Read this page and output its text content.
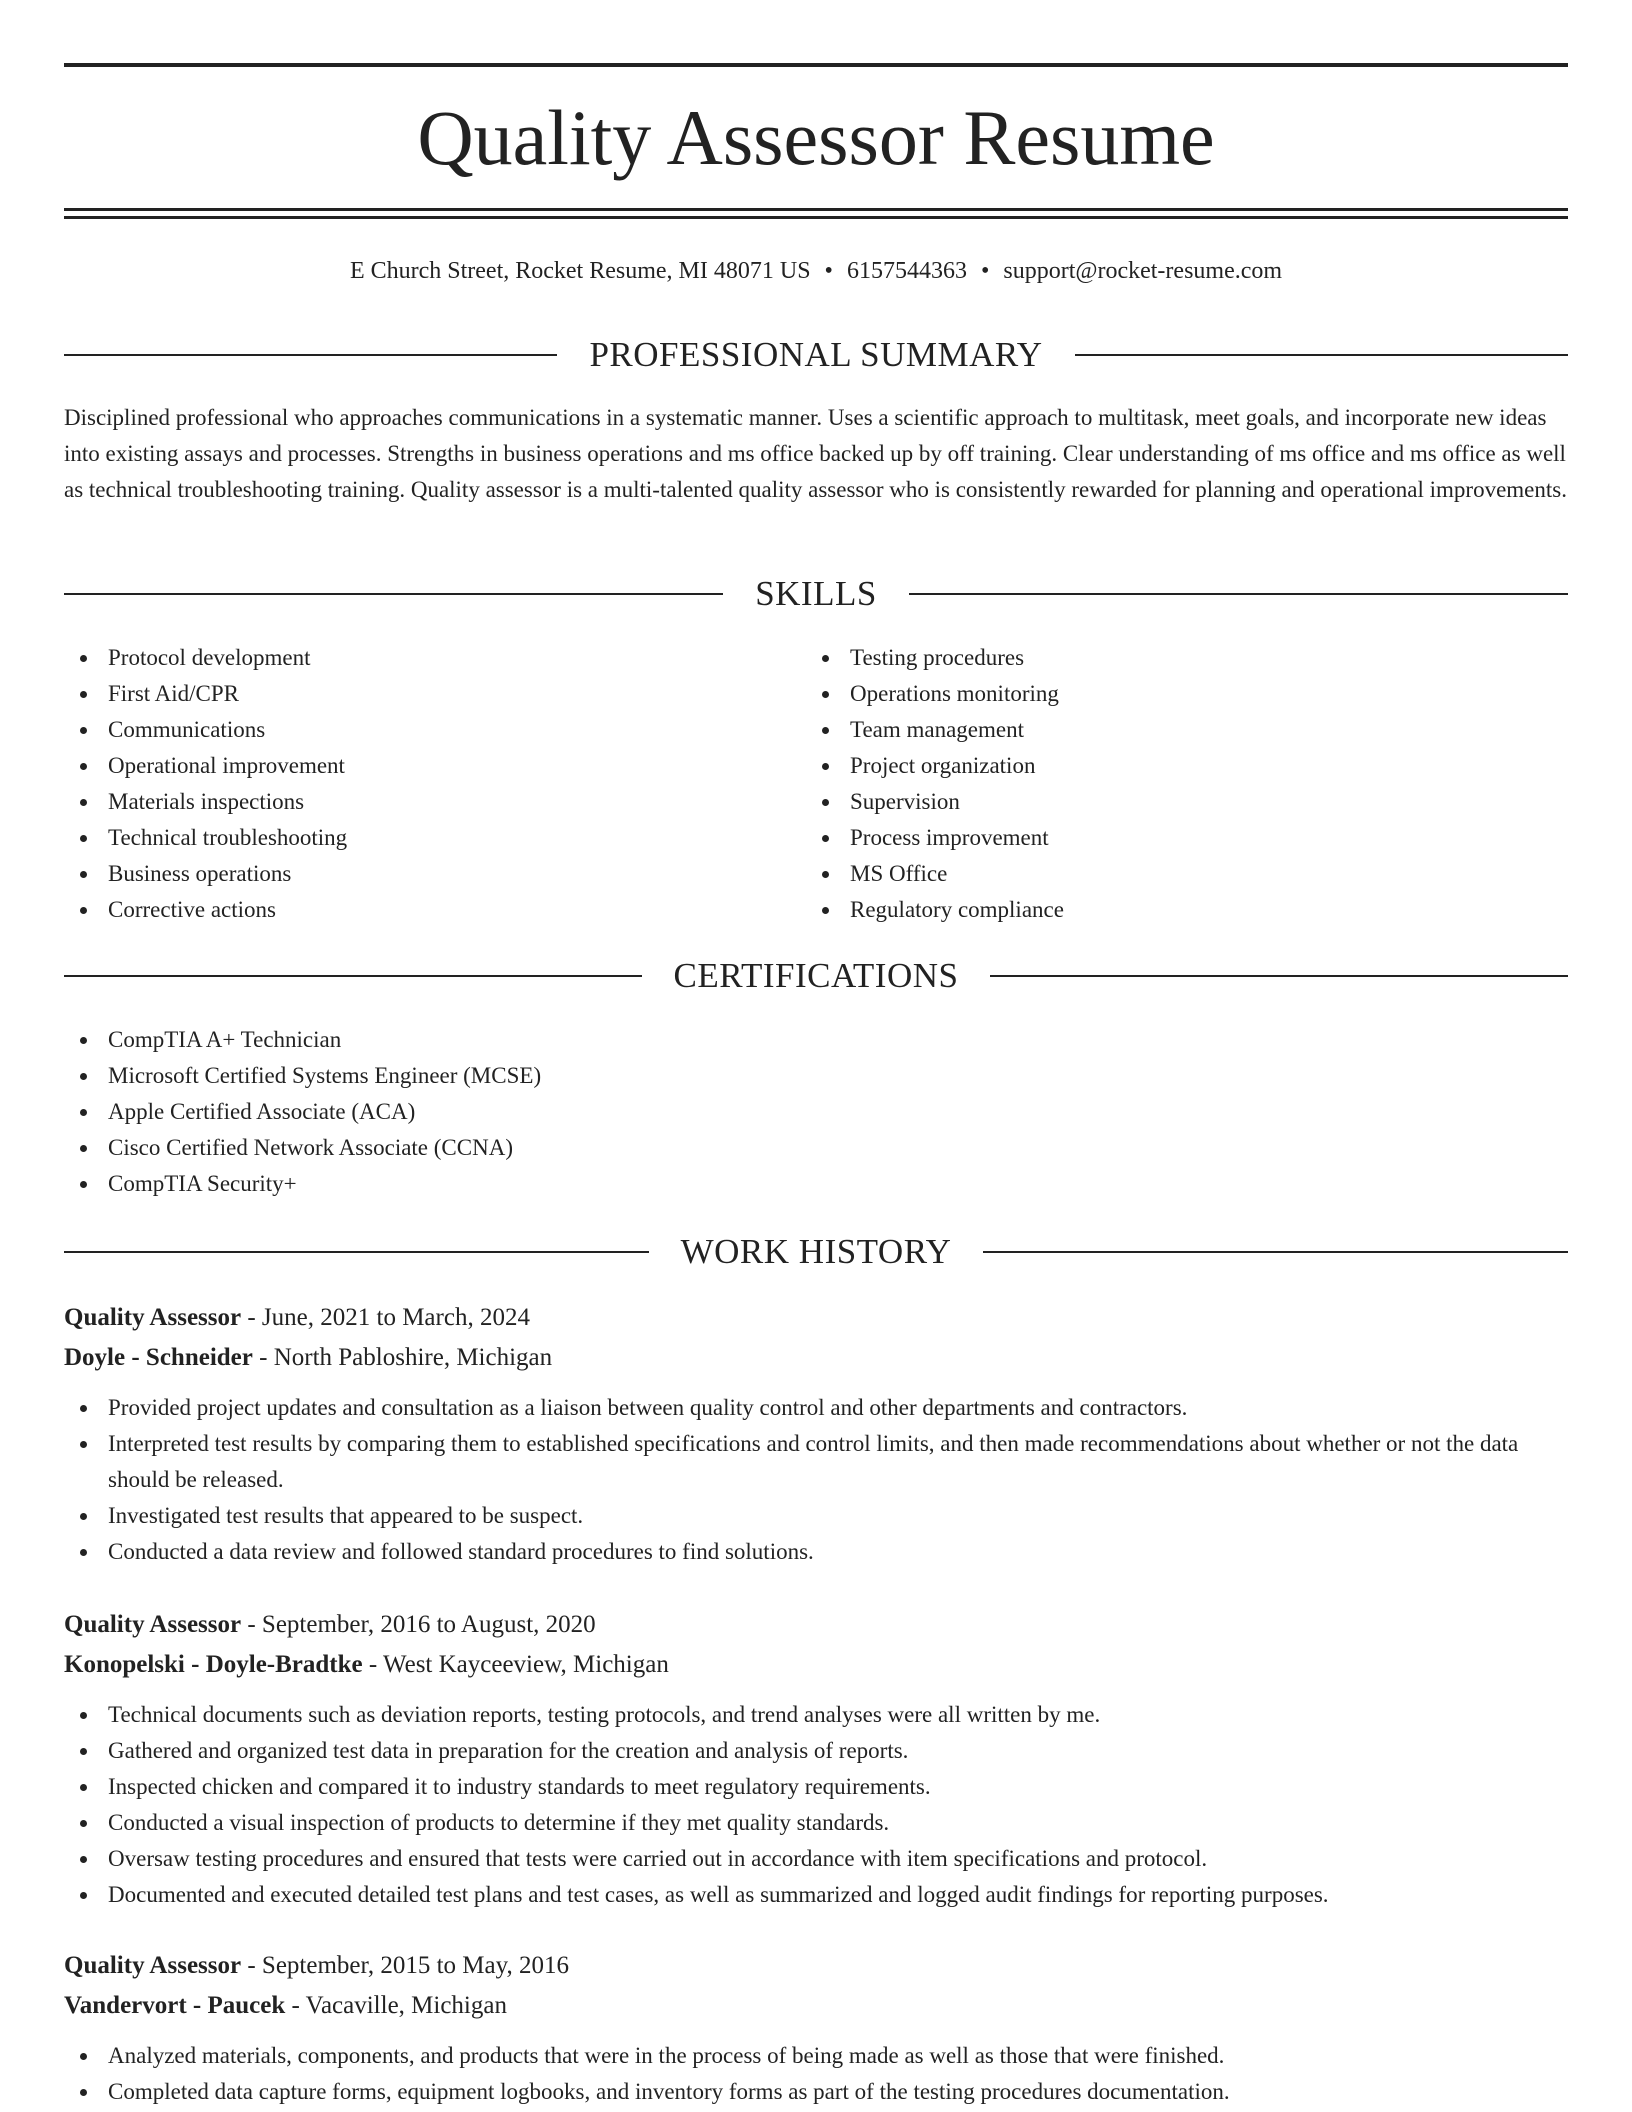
Quality Assessor Resume
E Church Street, Rocket Resume, MI 48071 US • 6157544363 • support@rocket-resume.com
PROFESSIONAL SUMMARY

Disciplined professional who approaches communications in a systematic manner. Uses a scientific approach to multitask, meet goals, and incorporate new ideas into existing assays and processes. Strengths in business operations and ms office backed up by off training. Clear understanding of ms office and ms office as well as technical troubleshooting training. Quality assessor is a multi-talented quality assessor who is consistently rewarded for planning and operational improvements.

SKILLS
Protocol development
First Aid/CPR
Communications
Operational improvement
Materials inspections
Technical troubleshooting
Business operations
Corrective actions
Testing procedures
Operations monitoring
Team management
Project organization
Supervision
Process improvement
MS Office
Regulatory compliance
CERTIFICATIONS
CompTIA A+ Technician
Microsoft Certified Systems Engineer (MCSE)
Apple Certified Associate (ACA)
Cisco Certified Network Associate (CCNA)
CompTIA Security+
WORK HISTORY
Quality Assessor - June, 2021 to March, 2024
Doyle - Schneider - North Pabloshire, Michigan
Provided project updates and consultation as a liaison between quality control and other departments and contractors.
Interpreted test results by comparing them to established specifications and control limits, and then made recommendations about whether or not the data should be released.
Investigated test results that appeared to be suspect.
Conducted a data review and followed standard procedures to find solutions.
Quality Assessor - September, 2016 to August, 2020
Konopelski - Doyle-Bradtke - West Kayceeview, Michigan
Technical documents such as deviation reports, testing protocols, and trend analyses were all written by me.
Gathered and organized test data in preparation for the creation and analysis of reports.
Inspected chicken and compared it to industry standards to meet regulatory requirements.
Conducted a visual inspection of products to determine if they met quality standards.
Oversaw testing procedures and ensured that tests were carried out in accordance with item specifications and protocol.
Documented and executed detailed test plans and test cases, as well as summarized and logged audit findings for reporting purposes.
Quality Assessor - September, 2015 to May, 2016
Vandervort - Paucek - Vacaville, Michigan
Analyzed materials, components, and products that were in the process of being made as well as those that were finished.
Completed data capture forms, equipment logbooks, and inventory forms as part of the testing procedures documentation.
